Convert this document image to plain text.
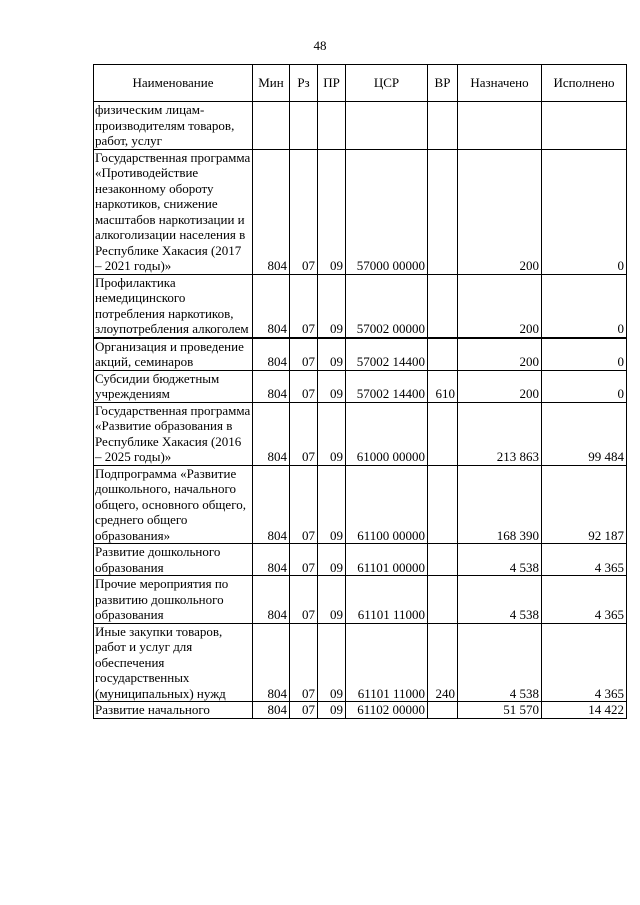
48
Наименование	Мин	Рз	ПР	ЦСР	ВР	Назначено	Исполнено
физическим лицам-производителям товаров, работ, услуг							
Государственная программа «Противодействие незаконному обороту наркотиков, снижение масштабов наркотизации и алкоголизации населения в Республике Хакасия (2017 – 2021 годы)»	804	07	09	57000 00000		200	0
Профилактика немедицинского потребления наркотиков, злоупотребления алкоголем	804	07	09	57002 00000		200	0
Организация и проведение акций, семинаров	804	07	09	57002 14400		200	0
Субсидии бюджетным учреждениям	804	07	09	57002 14400	610	200	0
Государственная программа «Развитие образования в Республике Хакасия (2016 – 2025 годы)»	804	07	09	61000 00000		213 863	99 484
Подпрограмма «Развитие дошкольного, начального общего, основного общего, среднего общего образования»	804	07	09	61100 00000		168 390	92 187
Развитие дошкольного образования	804	07	09	61101 00000		4 538	4 365
Прочие мероприятия по развитию дошкольного образования	804	07	09	61101 11000		4 538	4 365
Иные закупки товаров, работ и услуг для обеспечения государственных (муниципальных) нужд	804	07	09	61101 11000	240	4 538	4 365
Развитие начального	804	07	09	61102 00000		51 570	14 422
